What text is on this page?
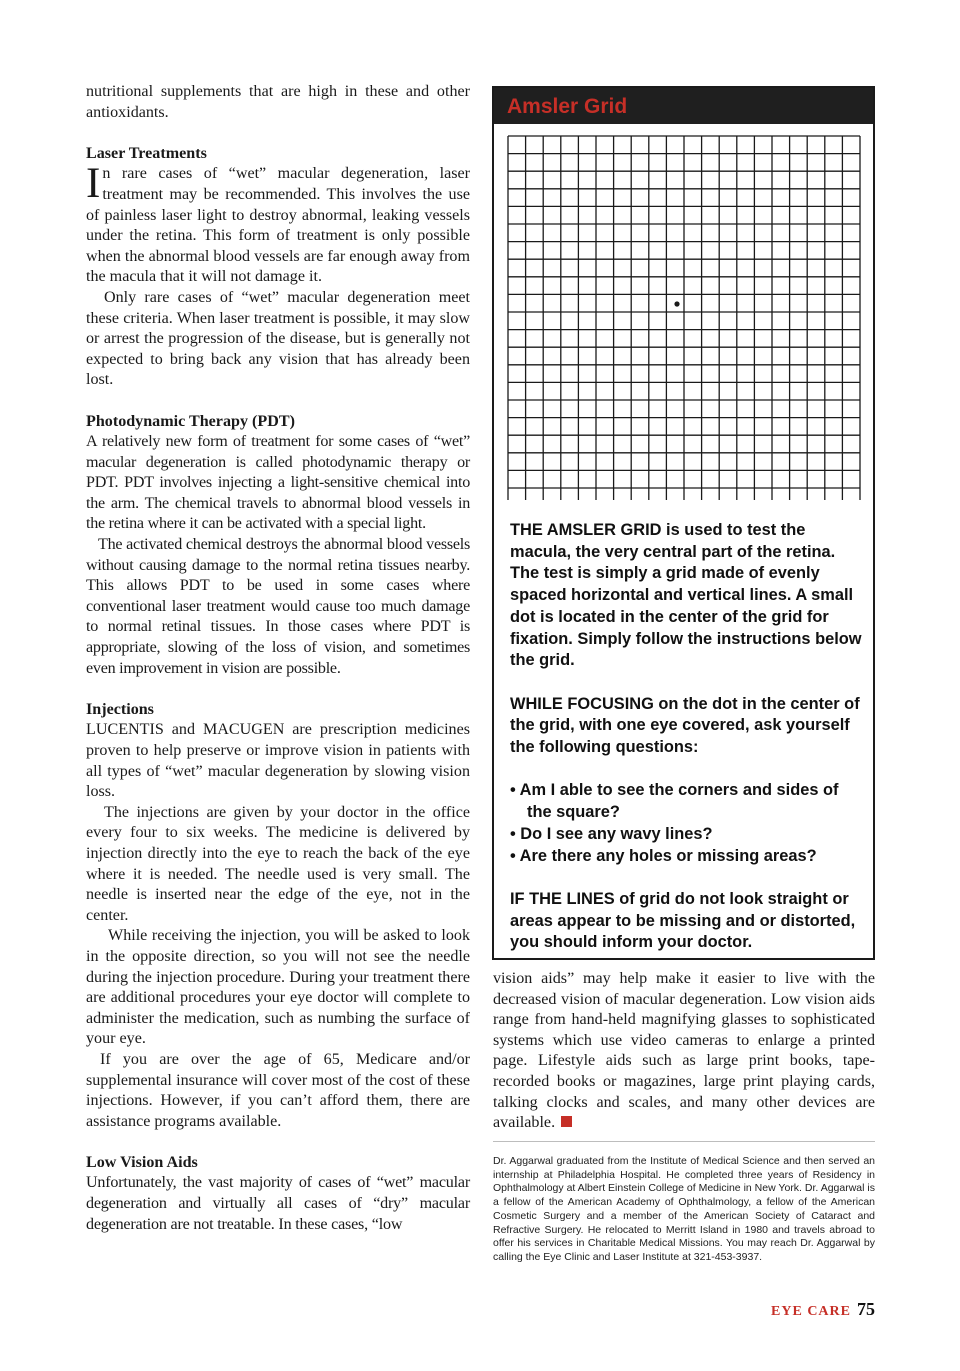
nutritional supplements that are high in these and other antioxidants.

Laser Treatments

In rare cases of “wet” macular degeneration, laser treatment may be recommended. This involves the use of painless laser light to destroy abnormal, leaking vessels under the retina. This form of treatment is only possible when the abnormal blood vessels are far enough away from the macula that it will not damage it.

Only rare cases of “wet” macular degeneration meet these criteria. When laser treatment is possible, it may slow or arrest the progression of the disease, but is generally not expected to bring back any vision that has already been lost.

Photodynamic Therapy (PDT)

A relatively new form of treatment for some cases of “wet” macular degeneration is called photodynamic therapy or PDT. PDT involves injecting a light-sensitive chemical into the arm. The chemical travels to abnormal blood vessels in the retina where it can be activated with a special light.

The activated chemical destroys the abnormal blood vessels without causing damage to the normal retina tissues nearby. This allows PDT to be used in some cases where conventional laser treatment would cause too much damage to normal retinal tissues. In those cases where PDT is appropriate, slowing of the loss of vision, and sometimes even improvement in vision are possible.

Injections

LUCENTIS and MACUGEN are prescription medicines proven to help preserve or improve vision in patients with all types of “wet” macular degeneration by slowing vision loss.

The injections are given by your doctor in the office every four to six weeks. The medicine is delivered by injection directly into the eye to reach the back of the eye where it is needed. The needle used is very small. The needle is inserted near the edge of the eye, not in the center.

While receiving the injection, you will be asked to look in the opposite direction, so you will not see the needle during the injection procedure. During your treatment there are additional procedures your eye doctor will complete to administer the medication, such as numbing the surface of your eye.

If you are over the age of 65, Medicare and/or supplemental insurance will cover most of the cost of these injections. However, if you can’t afford them, there are assistance programs available.

Low Vision Aids

Unfortunately, the vast majority of cases of “wet” macular degeneration and virtually all cases of “dry” macular degeneration are not treatable. In these cases, “low

Amsler Grid

THE AMSLER GRID is used to test the macula, the very central part of the retina. The test is simply a grid made of evenly spaced horizontal and vertical lines. A small dot is located in the center of the grid for fixation. Simply follow the instructions below the grid.

WHILE FOCUSING on the dot in the center of the grid, with one eye covered, ask yourself the following questions:

• Am I able to see the corners and sides of the square?
• Do I see any wavy lines?
• Are there any holes or missing areas?

IF THE LINES of grid do not look straight or areas appear to be missing and or distorted, you should inform your doctor.

vision aids” may help make it easier to live with the decreased vision of macular degeneration. Low vision aids range from hand-held magnifying glasses to sophisticated systems which use video cameras to enlarge a printed page. Lifestyle aids such as large print books, tape-recorded books or magazines, large print playing cards, talking clocks and scales, and many other devices are available.

Dr. Aggarwal graduated from the Institute of Medical Science and then served an internship at Philadelphia Hospital. He completed three years of Residency in Ophthalmology at Albert Einstein College of Medicine in New York. Dr. Aggarwal is a fellow of the American Academy of Ophthalmology, a fellow of the American Cosmetic Surgery and a member of the American Society of Cataract and Refractive Surgery. He relocated to Merritt Island in 1980 and travels abroad to offer his services in Charitable Medical Missions. You may reach Dr. Aggarwal by calling the Eye Clinic and Laser Institute at 321-453-3937.
EYE CARE 75
